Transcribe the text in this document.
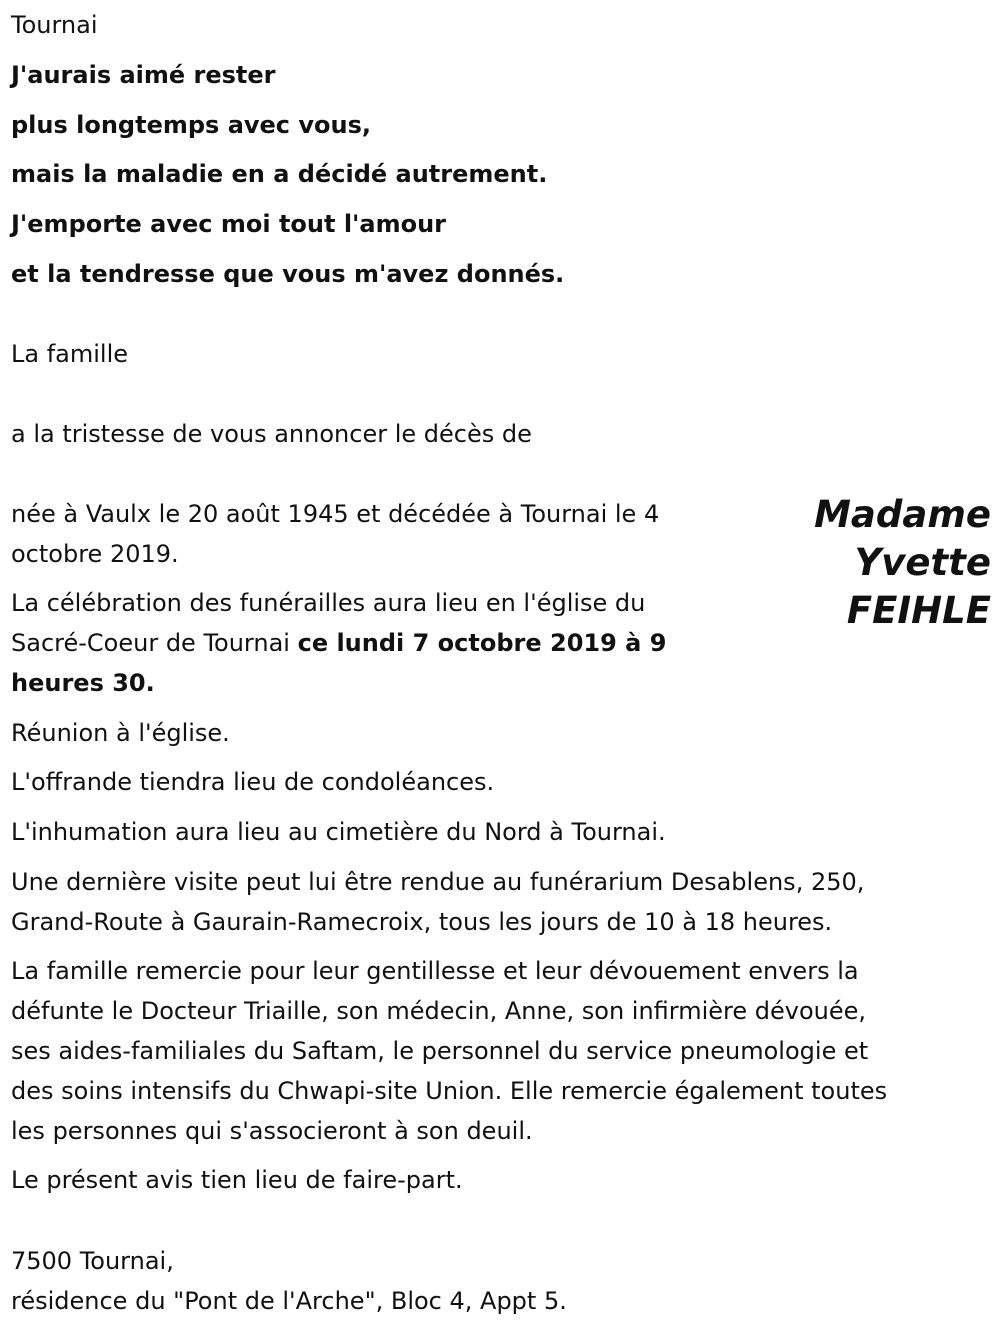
Tournai
J'aurais aimé rester
plus longtemps avec vous,
mais la maladie en a décidé autrement.
J'emporte avec moi tout l'amour
et la tendresse que vous m'avez donnés.
La famille
a la tristesse de vous annoncer le décès de
Madame
Yvette
FEIHLE
née à Vaulx le 20 août 1945 et décédée à Tournai le 4
octobre 2019.
La célébration des funérailles aura lieu en l'église du
Sacré-Coeur de Tournai ce lundi 7 octobre 2019 à 9
heures 30.
Réunion à l'église.
L'offrande tiendra lieu de condoléances.
L'inhumation aura lieu au cimetière du Nord à Tournai.
Une dernière visite peut lui être rendue au funérarium Desablens, 250,
Grand-Route à Gaurain-Ramecroix, tous les jours de 10 à 18 heures.
La famille remercie pour leur gentillesse et leur dévouement envers la
défunte le Docteur Triaille, son médecin, Anne, son infirmière dévouée,
ses aides-familiales du Saftam, le personnel du service pneumologie et
des soins intensifs du Chwapi-site Union. Elle remercie également toutes
les personnes qui s'associeront à son deuil.
Le présent avis tien lieu de faire-part.
7500 Tournai,
résidence du "Pont de l'Arche", Bloc 4, Appt 5.
